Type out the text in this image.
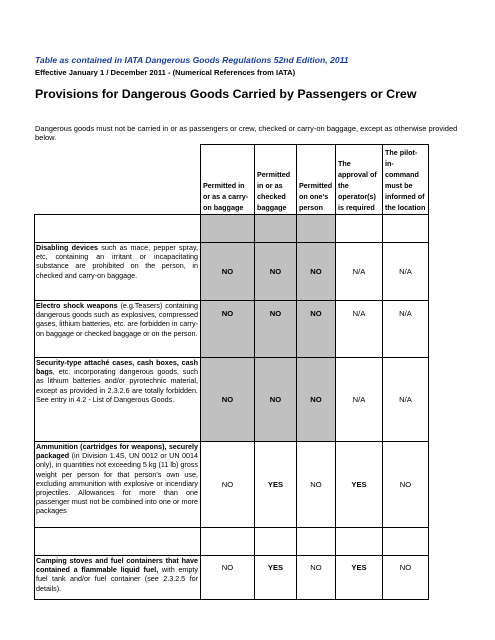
Table as contained in IATA Dangerous Goods Regulations 52nd Edition, 2011
Effective January 1 / December 2011 - (Numerical References from IATA)
Provisions for Dangerous Goods Carried by Passengers or Crew
Dangerous goods must not be carried in or as passengers or crew, checked or carry-on baggage, except as otherwise provided below.
	Permitted in or as a carry-on baggage	Permitted in or as checked baggage	Permitted on one's person	The approval of the operator(s) is required	The pilot-in-command must be informed of the location

Disabling devices such as mace, pepper spray, etc, containing an irritant or incapacitating substance are prohibited on the person, in checked and carry-on baggage.	NO	NO	NO	N/A	N/A
Electro shock weapons (e.g.Teasers) containing dangerous goods such as explosives, compressed gases, lithium batteries, etc. are forbidden in carry-on baggage or checked baggage or on the person.	NO	NO	NO	N/A	N/A
Security-type attaché cases, cash boxes, cash bags, etc. incorporating dangerous goods, such as lithium batteries and/or pyrotechnic material, except as provided in 2.3.2.6 are totally forbidden. See entry in 4.2 - List of Dangerous Goods.	NO	NO	NO	N/A	N/A
Ammunition (cartridges for weapons), securely packaged (in Division 1.4S, UN 0012 or UN 0014 only), in quantities not exceeding 5 kg (11 lb) gross weight per person for that person's own use, excluding ammunition with explosive or incendiary projectiles. Allowances for more than one passenger must not be combined into one or more packages	NO	YES	NO	YES	NO

Camping stoves and fuel containers that have contained a flammable liquid fuel, with empty fuel tank and/or fuel container (see 2.3.2.5 for details).	NO	YES	NO	YES	NO
